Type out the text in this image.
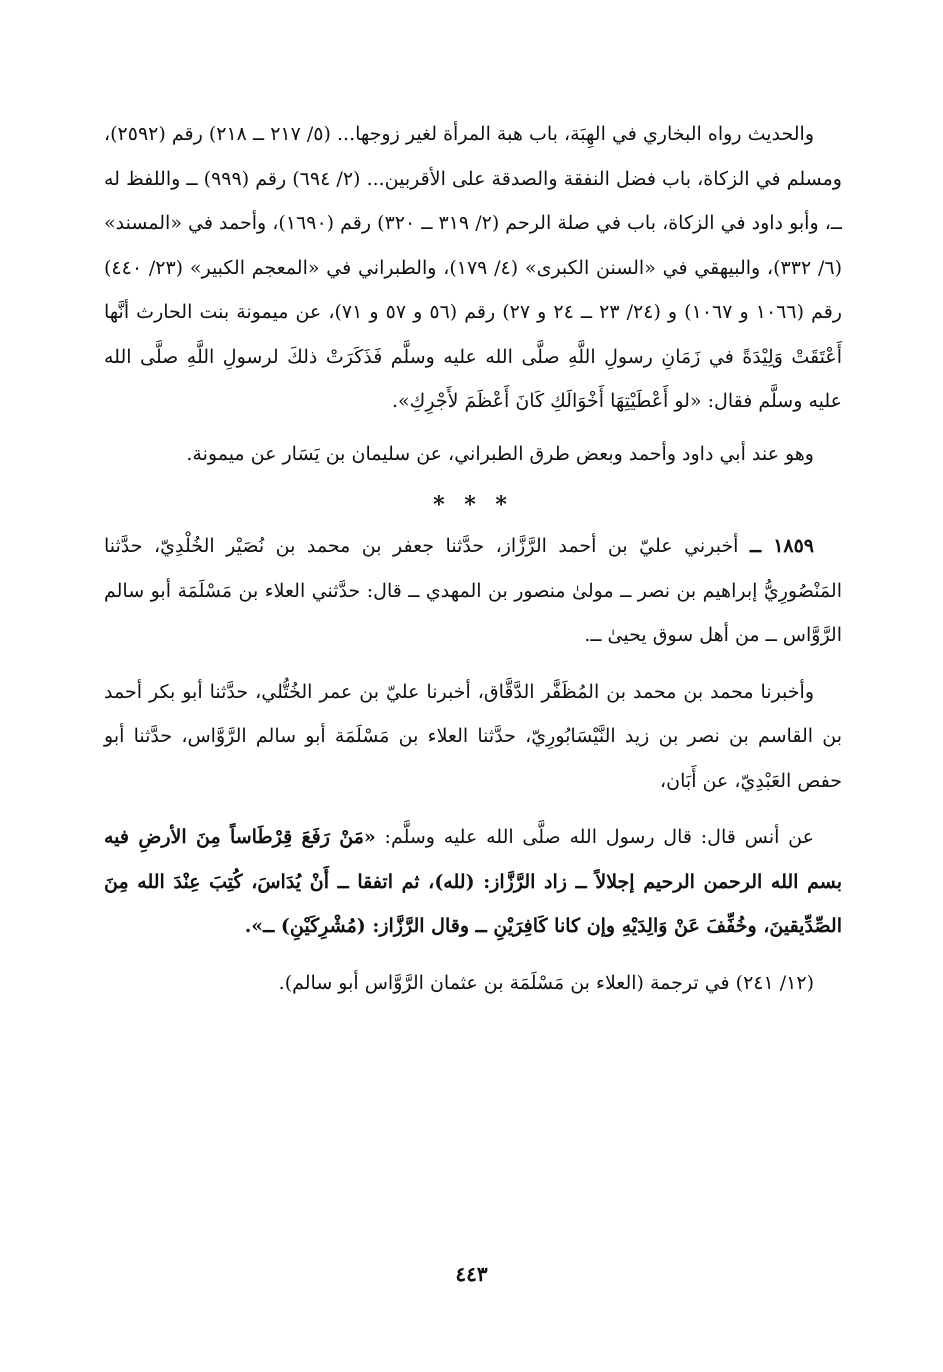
والحديث رواه البخاري في الهِبَة، باب هبة المرأة لغير زوجها... (٥/ ٢١٧ ــ ٢١٨) رقم (٢٥٩٢)، ومسلم في الزكاة، باب فضل النفقة والصدقة على الأقربين... (٢/ ٦٩٤) رقم (٩٩٩) ــ واللفظ له ــ، وأبو داود في الزكاة، باب في صلة الرحم (٢/ ٣١٩ ــ ٣٢٠) رقم (١٦٩٠)، وأحمد في «المسند» (٦/ ٣٣٢)، والبيهقي في «السنن الكبرى» (٤/ ١٧٩)، والطبراني في «المعجم الكبير» (٢٣/ ٤٤٠) رقم (١٠٦٦ و ١٠٦٧) و (٢٤/ ٢٣ ــ ٢٤ و ٢٧) رقم (٥٦ و ٥٧ و ٧١)، عن ميمونة بنت الحارث أنَّها أَعْتَقَتْ وَلِيْدَةً في زَمَانِ رسولِ اللَّهِ صلَّى الله عليه وسلَّم فَذَكَرَتْ ذلكَ لرسولِ اللَّهِ صلَّى الله عليه وسلَّم فقال: «لو أَعْطَيْتِهَا أَخْوَالَكِ كَانَ أَعْظَمَ لأَجْرِكِ».

وهو عند أبي داود وأحمد وبعض طرق الطبراني، عن سليمان بن يَسَار عن ميمونة.

* * *

١٨٥٩ ــ أخبرني عليّ بن أحمد الرَّزَّاز، حدَّثنا جعفر بن محمد بن نُصَيْر الخُلْدِيّ، حدَّثنا المَنْصُورِيُّ إبراهيم بن نصر ــ مولىٰ منصور بن المهدي ــ قال: حدَّثني العلاء بن مَسْلَمَة أبو سالم الرَّوَّاس ــ من أهل سوق يحيىٰ ــ.

وأخبرنا محمد بن محمد بن المُظَفَّر الدَّقَّاق، أخبرنا عليّ بن عمر الخُتُّلي، حدَّثنا أبو بكر أحمد بن القاسم بن نصر بن زيد النَّيْسَابُورِيّ، حدَّثنا العلاء بن مَسْلَمَة أبو سالم الرَّوَّاس، حدَّثنا أبو حفص العَبْدِيّ، عن أَبَان،

عن أنس قال: قال رسول الله صلَّى الله عليه وسلَّم: «مَنْ رَفَعَ قِرْطَاساً مِنَ الأرضِ فيه بسم الله الرحمن الرحيم إجلالاً ــ زاد الرَّزَّاز: (لله)، ثم اتفقا ــ أَنْ يُدَاسَ، كُتِبَ عِنْدَ الله مِنَ الصِّدِّيقينَ، وخُفِّفَ عَنْ وَالِدَيْهِ وإن كانا كَافِرَيْنِ ــ وقال الرَّزَّاز: (مُشْرِكَيْنِ) ــ».

(١٢/ ٢٤١) في ترجمة (العلاء بن مَسْلَمَة بن عثمان الرَّوَّاس أبو سالم).

٤٤٣
